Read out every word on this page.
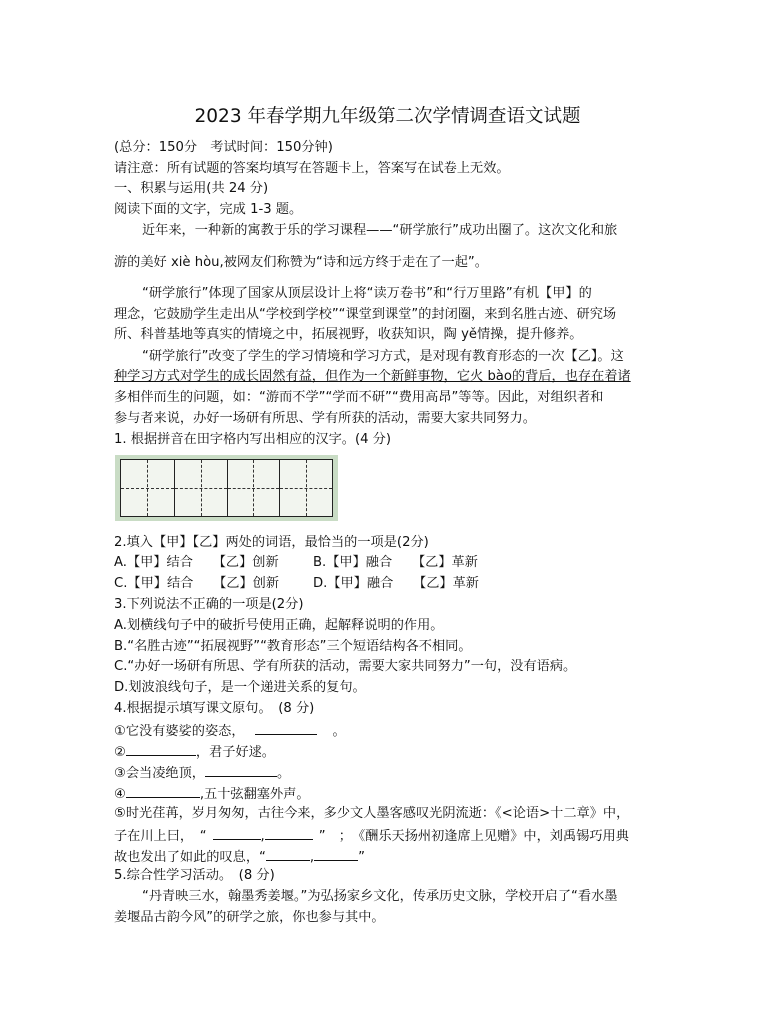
2023 年春学期九年级第二次学情调查语文试题
(总分：150分　考试时间：150分钟)
请注意：所有试题的答案均填写在答题卡上，答案写在试卷上无效。
一、积累与运用(共 24 分)
阅读下面的文字，完成 1-3 题。
近年来，一种新的寓教于乐的学习课程——“研学旅行”成功出圈了。这次文化和旅
游的美好 xiè hòu,被网友们称赞为“诗和远方终于走在了一起”。
“研学旅行”体现了国家从顶层设计上将“读万卷书”和“行万里路”有机【甲】的
理念，它鼓励学生走出从“学校到学校”“课堂到课堂”的封闭圈，来到名胜古迹、研究场
所、科普基地等真实的情境之中，拓展视野，收获知识，陶 yě情操，提升修养。
“研学旅行”改变了学生的学习情境和学习方式，是对现有教育形态的一次【乙】。这
种学习方式对学生的成长固然有益，但作为一个新鲜事物，它火 bào的背后，也存在着诸
多相伴而生的问题，如：“游而不学”“学而不研”“费用高昂”等等。因此，对组织者和
参与者来说，办好一场研有所思、学有所获的活动，需要大家共同努力。
1. 根据拼音在田字格内写出相应的汉字。(4 分)
2.填入【甲】【乙】两处的词语，最恰当的一项是(2分)
A.【甲】结合　　【乙】创新	B.【甲】融合　　【乙】革新
C.【甲】结合　　【乙】创新	D.【甲】融合　　【乙】革新
3.下列说法不正确的一项是(2分)
A.划横线句子中的破折号使用正确，起解释说明的作用。
B.“名胜古迹”“拓展视野”“教育形态”三个短语结构各不相同。
C.“办好一场研有所思、学有所获的活动，需要大家共同努力”一句，没有语病。
D.划波浪线句子，是一个递进关系的复句。
4.根据提示填写课文原句。　(8 分)
①它没有婆娑的姿态，	。
②	，君子好逑。
③会当凌绝顶，	。
④	,五十弦翻塞外声。
⑤时光荏苒，岁月匆匆，古往今来，多少文人墨客感叹光阴流逝：《<论语>十二章》中，
子在川上曰，　“	,	”　；　《酬乐天扬州初逢席上见赠》中，刘禹锡巧用典
故也发出了如此的叹息，“	,	”
5.综合性学习活动。　(8 分)
“丹青映三水，翰墨秀姜堰。”为弘扬家乡文化，传承历史文脉，学校开启了“看水墨
姜堰品古韵今风”的研学之旅，你也参与其中。
